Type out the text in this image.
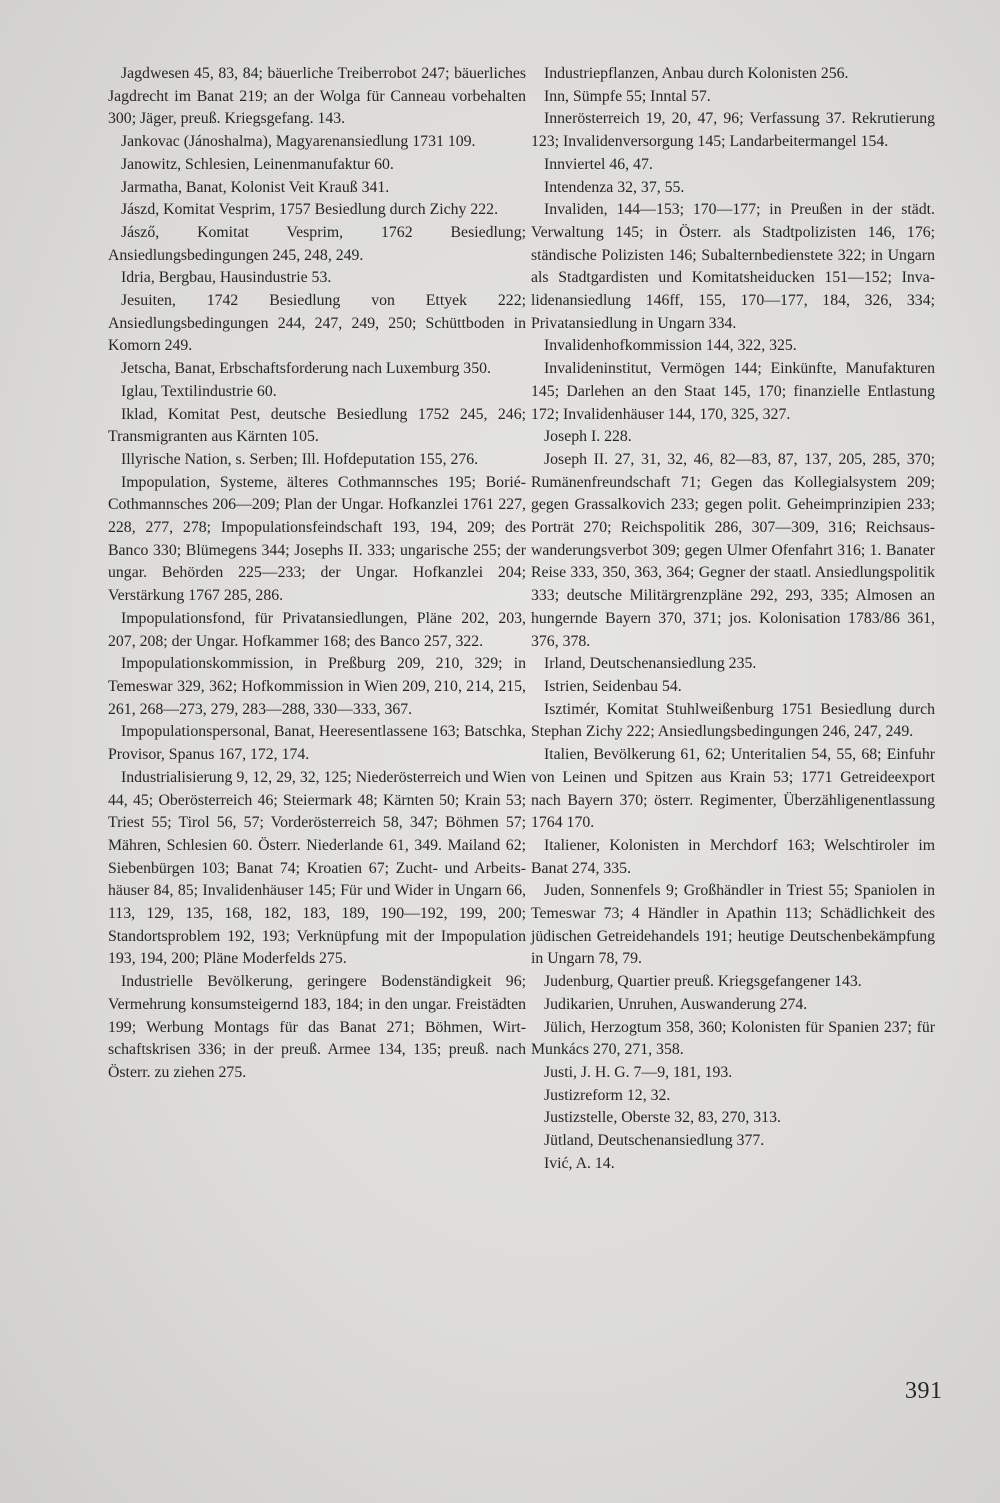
Jagdwesen 45, 83, 84; bäuerliche Treiberrobot 247; bäuerliches Jagdrecht im Banat 219; an der Wolga für Canneau vorbehalten 300; Jäger, preuß. Kriegsgefang. 143.

Jankovac (Jánoshalma), Magyarenansiedlung 1731 109.

Janowitz, Schlesien, Leinenmanufaktur 60.

Jarmatha, Banat, Kolonist Veit Krauß 341.

Jászd, Komitat Vesprim, 1757 Besiedlung durch Zichy 222.

Jásző, Komitat Vesprim, 1762 Besiedlung; Ansiedlungsbedingungen 245, 248, 249.

Idria, Bergbau, Hausindustrie 53.

Jesuiten, 1742 Besiedlung von Ettyek 222; Ansiedlungsbedingungen 244, 247, 249, 250; Schüttboden in Komorn 249.

Jetscha, Banat, Erbschaftsforderung nach Luxemburg 350.

Iglau, Textilindustrie 60.

Iklad, Komitat Pest, deutsche Besiedlung 1752 245, 246; Transmigranten aus Kärnten 105.

Illyrische Nation, s. Serben; Ill. Hofdeputation 155, 276.

Impopulation, Systeme, älteres Cothmannsches 195; Borié-Cothmannsches 206—209; Plan der Ungar. Hofkanzlei 1761 227, 228, 277, 278; Impopulationsfeindschaft 193, 194, 209; des Banco 330; Blümegens 344; Josephs II. 333; ungarische 255; der ungar. Behörden 225—233; der Ungar. Hofkanzlei 204; Verstärkung 1767 285, 286.

Impopulationsfond, für Privatansiedlungen, Pläne 202, 203, 207, 208; der Ungar. Hofkammer 168; des Banco 257, 322.

Impopulationskommission, in Preßburg 209, 210, 329; in Temeswar 329, 362; Hofkommission in Wien 209, 210, 214, 215, 261, 268—273, 279, 283—288, 330—333, 367.

Impopulationspersonal, Banat, Heeresentlassene 163; Batschka, Provisor, Spanus 167, 172, 174.

Industrialisierung 9, 12, 29, 32, 125; Niederösterreich und Wien 44, 45; Oberösterreich 46; Steiermark 48; Kärnten 50; Krain 53; Triest 55; Tirol 56, 57; Vorderösterreich 58, 347; Böhmen 57; Mähren, Schlesien 60. Österr. Niederlande 61, 349. Mailand 62; Siebenbürgen 103; Banat 74; Kroatien 67; Zucht- und Arbeitshäuser 84, 85; Invalidenhäuser 145; Für und Wider in Ungarn 66, 113, 129, 135, 168, 182, 183, 189, 190—192, 199, 200; Standortsproblem 192, 193; Verknüpfung mit der Impopulation 193, 194, 200; Pläne Moderfelds 275.

Industrielle Bevölkerung, geringere Bodenständigkeit 96; Vermehrung konsumsteigernd 183, 184; in den ungar. Freistädten 199; Werbung Montags für das Banat 271; Böhmen, Wirtschaftskrisen 336; in der preuß. Armee 134, 135; preuß. nach Österr. zu ziehen 275.

Industriepflanzen, Anbau durch Kolonisten 256.

Inn, Sümpfe 55; Inntal 57.

Innerösterreich 19, 20, 47, 96; Verfassung 37. Rekrutierung 123; Invalidenversorgung 145; Landarbeitermangel 154.

Innviertel 46, 47.

Intendenza 32, 37, 55.

Invaliden, 144—153; 170—177; in Preußen in der städt. Verwaltung 145; in Österr. als Stadtpolizisten 146, 176; ständische Polizisten 146; Subalternbedienstete 322; in Ungarn als Stadtgardisten und Komitatsheiducken 151—152; Invalidenansiedlung 146ff, 155, 170—177, 184, 326, 334; Privatansiedlung in Ungarn 334.

Invalidenhofkommission 144, 322, 325.

Invalideninstitut, Vermögen 144; Einkünfte, Manufakturen 145; Darlehen an den Staat 145, 170; finanzielle Entlastung 172; Invalidenhäuser 144, 170, 325, 327.

Joseph I. 228.

Joseph II. 27, 31, 32, 46, 82—83, 87, 137, 205, 285, 370; Rumänenfreundschaft 71; Gegen das Kollegialsystem 209; gegen Grassalkovich 233; gegen polit. Geheimprinzipien 233; Porträt 270; Reichspolitik 286, 307—309, 316; Reichsauswanderungsverbot 309; gegen Ulmer Ofenfahrt 316; 1. Banater Reise 333, 350, 363, 364; Gegner der staatl. Ansiedlungspolitik 333; deutsche Militärgrenzpläne 292, 293, 335; Almosen an hungernde Bayern 370, 371; jos. Kolonisation 1783/86 361, 376, 378.

Irland, Deutschenansiedlung 235.

Istrien, Seidenbau 54.

Isztimér, Komitat Stuhlweißenburg 1751 Besiedlung durch Stephan Zichy 222; Ansiedlungsbedingungen 246, 247, 249.

Italien, Bevölkerung 61, 62; Unteritalien 54, 55, 68; Einfuhr von Leinen und Spitzen aus Krain 53; 1771 Getreideexport nach Bayern 370; österr. Regimenter, Überzähligenentlassung 1764 170.

Italiener, Kolonisten in Merchdorf 163; Welschtiroler im Banat 274, 335.

Juden, Sonnenfels 9; Großhändler in Triest 55; Spaniolen in Temeswar 73; 4 Händler in Apathin 113; Schädlichkeit des jüdischen Getreidehandels 191; heutige Deutschenbekämpfung in Ungarn 78, 79.

Judenburg, Quartier preuß. Kriegsgefangener 143.

Judikarien, Unruhen, Auswanderung 274.

Jülich, Herzogtum 358, 360; Kolonisten für Spanien 237; für Munkács 270, 271, 358.

Justi, J. H. G. 7—9, 181, 193.

Justizreform 12, 32.

Justizstelle, Oberste 32, 83, 270, 313.

Jütland, Deutschenansiedlung 377.

Ivić, A. 14.

391
